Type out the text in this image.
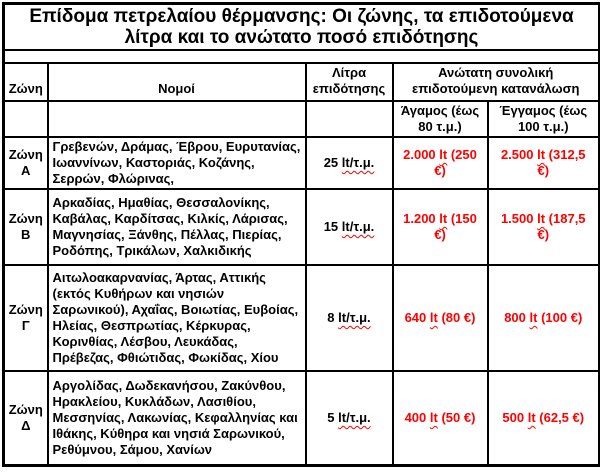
Επίδομα πετρελαίου θέρμανσης: Οι ζώνης, τα επιδοτούμενα λίτρα και το ανώτατο ποσό επιδότησης				

Ζώνη	Νομοί	Λίτρα επιδότησης	Ανώτατη συνολική επιδοτούμενη κατανάλωση	
			Άγαμος (έως 80 τ.μ.)	Έγγαμος (έως 100 τ.μ.)
Ζώνη Α	Γρεβενών, Δράμας, Έβρου, Ευρυτανίας, Ιωαννίνων, Καστοριάς, Κοζάνης, Σερρών, Φλώρινας,	25 lt/τ.μ.	2.000 lt (250 €)	2.500 lt (312,5 €)

Ζώνη Β	Αρκαδίας, Ημαθίας, Θεσσαλονίκης, Καβάλας, Καρδίτσας, Κιλκίς, Λάρισας, Μαγνησίας, Ξάνθης, Πέλλας, Πιερίας, Ροδόπης, Τρικάλων, Χαλκιδικής	15 lt/τ.μ.	1.200 lt (150 €)	1.500 lt (187,5 €)

Ζώνη Γ	Αιτωλοακαρνανίας, Άρτας, Αττικής (εκτός Κυθήρων και νησιών Σαρωνικού), Αχαΐας, Βοιωτίας, Ευβοίας, Ηλείας, Θεσπρωτίας, Κέρκυρας, Κορινθίας, Λέσβου, Λευκάδας, Πρέβεζας, Φθιώτιδας, Φωκίδας, Χίου	8 lt/τ.μ.	640 lt (80 €)	800 lt (100 €)

Ζώνη Δ	Αργολίδας, Δωδεκανήσου, Ζακύνθου, Ηρακλείου, Κυκλάδων, Λασιθίου, Μεσσηνίας, Λακωνίας, Κεφαλληνίας και Ιθάκης, Κύθηρα και νησιά Σαρωνικού, Ρεθύμνου, Σάμου, Χανίων	5 lt/τ.μ.	400 lt (50 €)	500 lt (62,5 €)
